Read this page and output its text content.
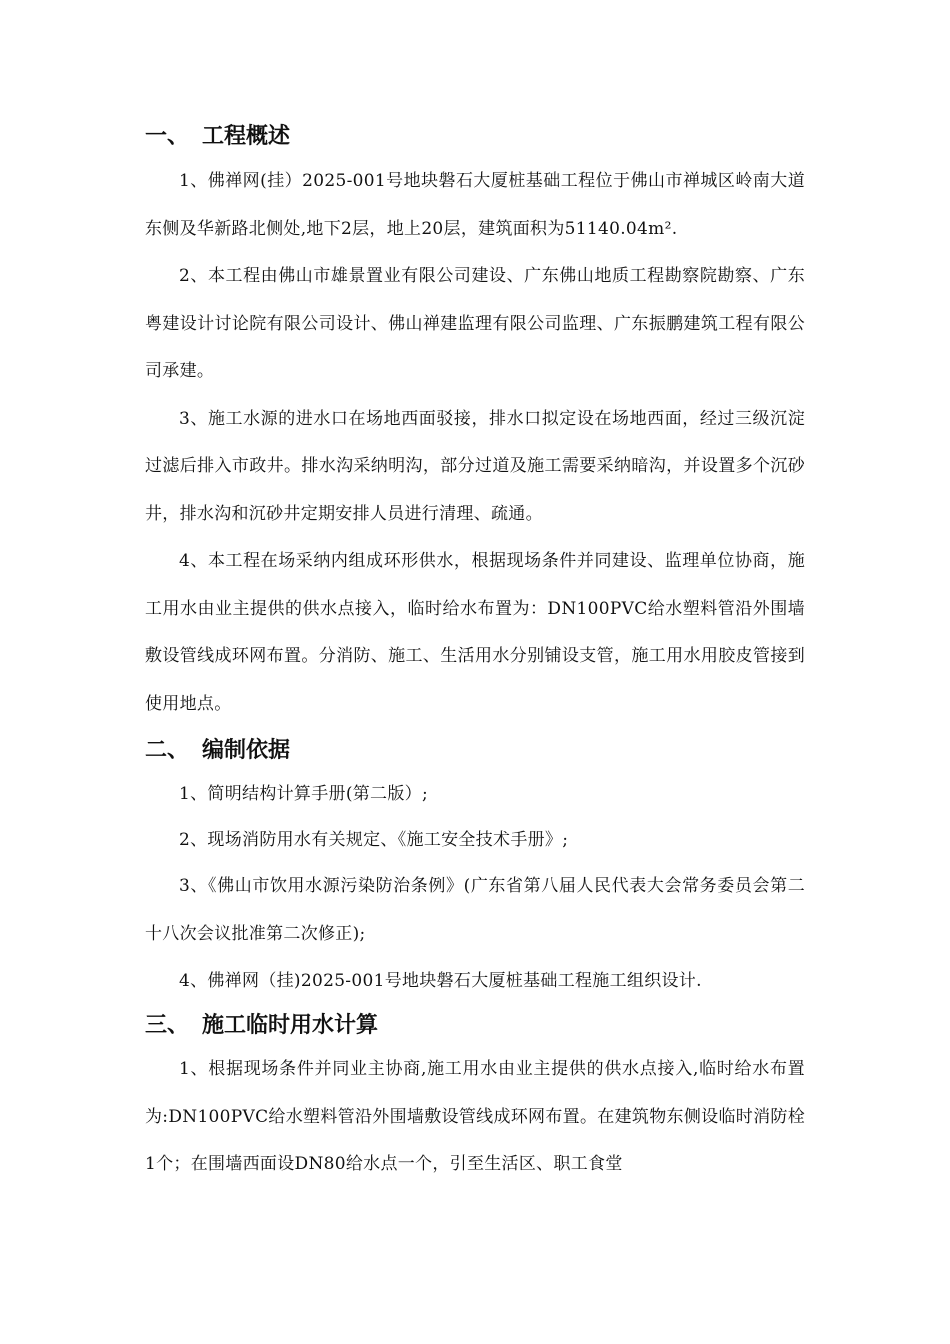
一、 工程概述

1、佛禅网(挂）2025-001号地块磐石大厦桩基础工程位于佛山市禅城区岭南大道东侧及华新路北侧处,地下2层，地上20层，建筑面积为51140.04m².

2、本工程由佛山市雄景置业有限公司建设、广东佛山地质工程勘察院勘察、广东粤建设计讨论院有限公司设计、佛山禅建监理有限公司监理、广东振鹏建筑工程有限公司承建。

3、施工水源的进水口在场地西面驳接，排水口拟定设在场地西面，经过三级沉淀过滤后排入市政井。排水沟采纳明沟，部分过道及施工需要采纳暗沟，并设置多个沉砂井，排水沟和沉砂井定期安排人员进行清理、疏通。

4、本工程在场采纳内组成环形供水，根据现场条件并同建设、监理单位协商，施工用水由业主提供的供水点接入，临时给水布置为：DN100PVC给水塑料管沿外围墙敷设管线成环网布置。分消防、施工、生活用水分别铺设支管，施工用水用胶皮管接到使用地点。

二、 编制依据

1、简明结构计算手册(第二版）;

2、现场消防用水有关规定、《施工安全技术手册》;

3、《佛山市饮用水源污染防治条例》(广东省第八届人民代表大会常务委员会第二十八次会议批准第二次修正);

4、佛禅网（挂)2025-001号地块磐石大厦桩基础工程施工组织设计.

三、 施工临时用水计算

1、根据现场条件并同业主协商,施工用水由业主提供的供水点接入,临时给水布置为:DN100PVC给水塑料管沿外围墙敷设管线成环网布置。在建筑物东侧设临时消防栓1个；在围墙西面设DN80给水点一个，引至生活区、职工食堂
